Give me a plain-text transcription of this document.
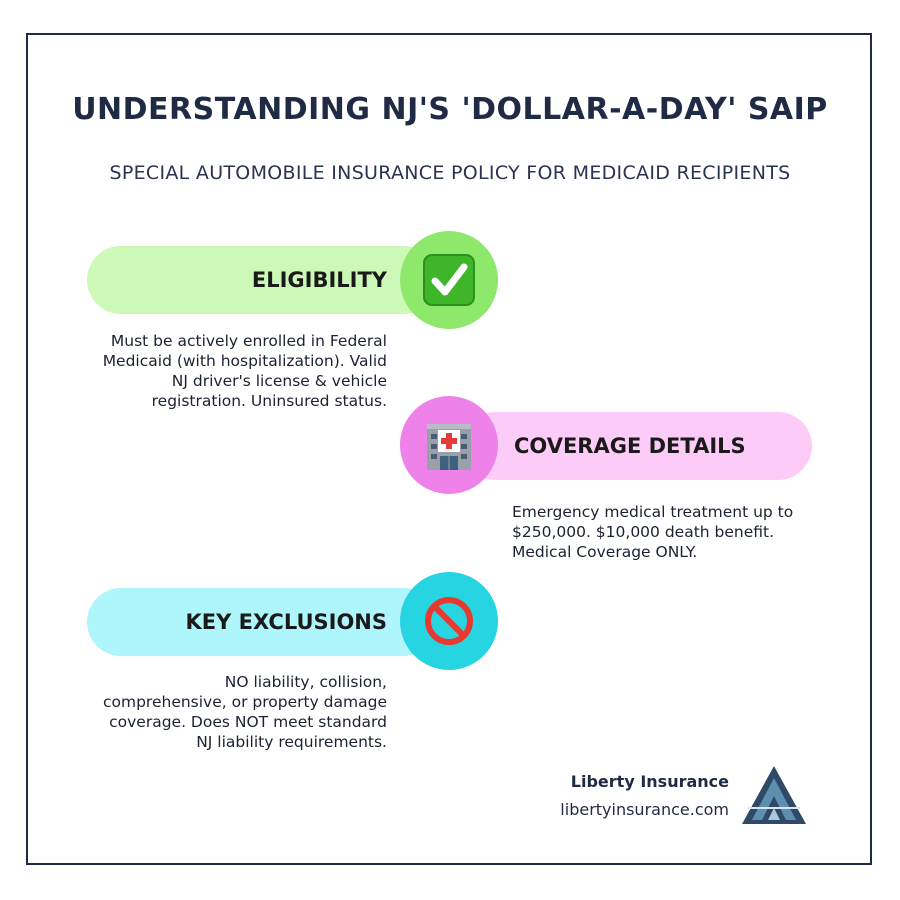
UNDERSTANDING NJ'S 'DOLLAR-A-DAY' SAIP
SPECIAL AUTOMOBILE INSURANCE POLICY FOR MEDICAID RECIPIENTS
ELIGIBILITY
Must be actively enrolled in Federal Medicaid (with hospitalization). Valid NJ driver's license & vehicle registration. Uninsured status.
COVERAGE DETAILS
Emergency medical treatment up to $250,000. $10,000 death benefit. Medical Coverage ONLY.
KEY EXCLUSIONS
NO liability, collision, comprehensive, or property damage coverage. Does NOT meet standard NJ liability requirements.
Liberty Insurance
libertyinsurance.com
